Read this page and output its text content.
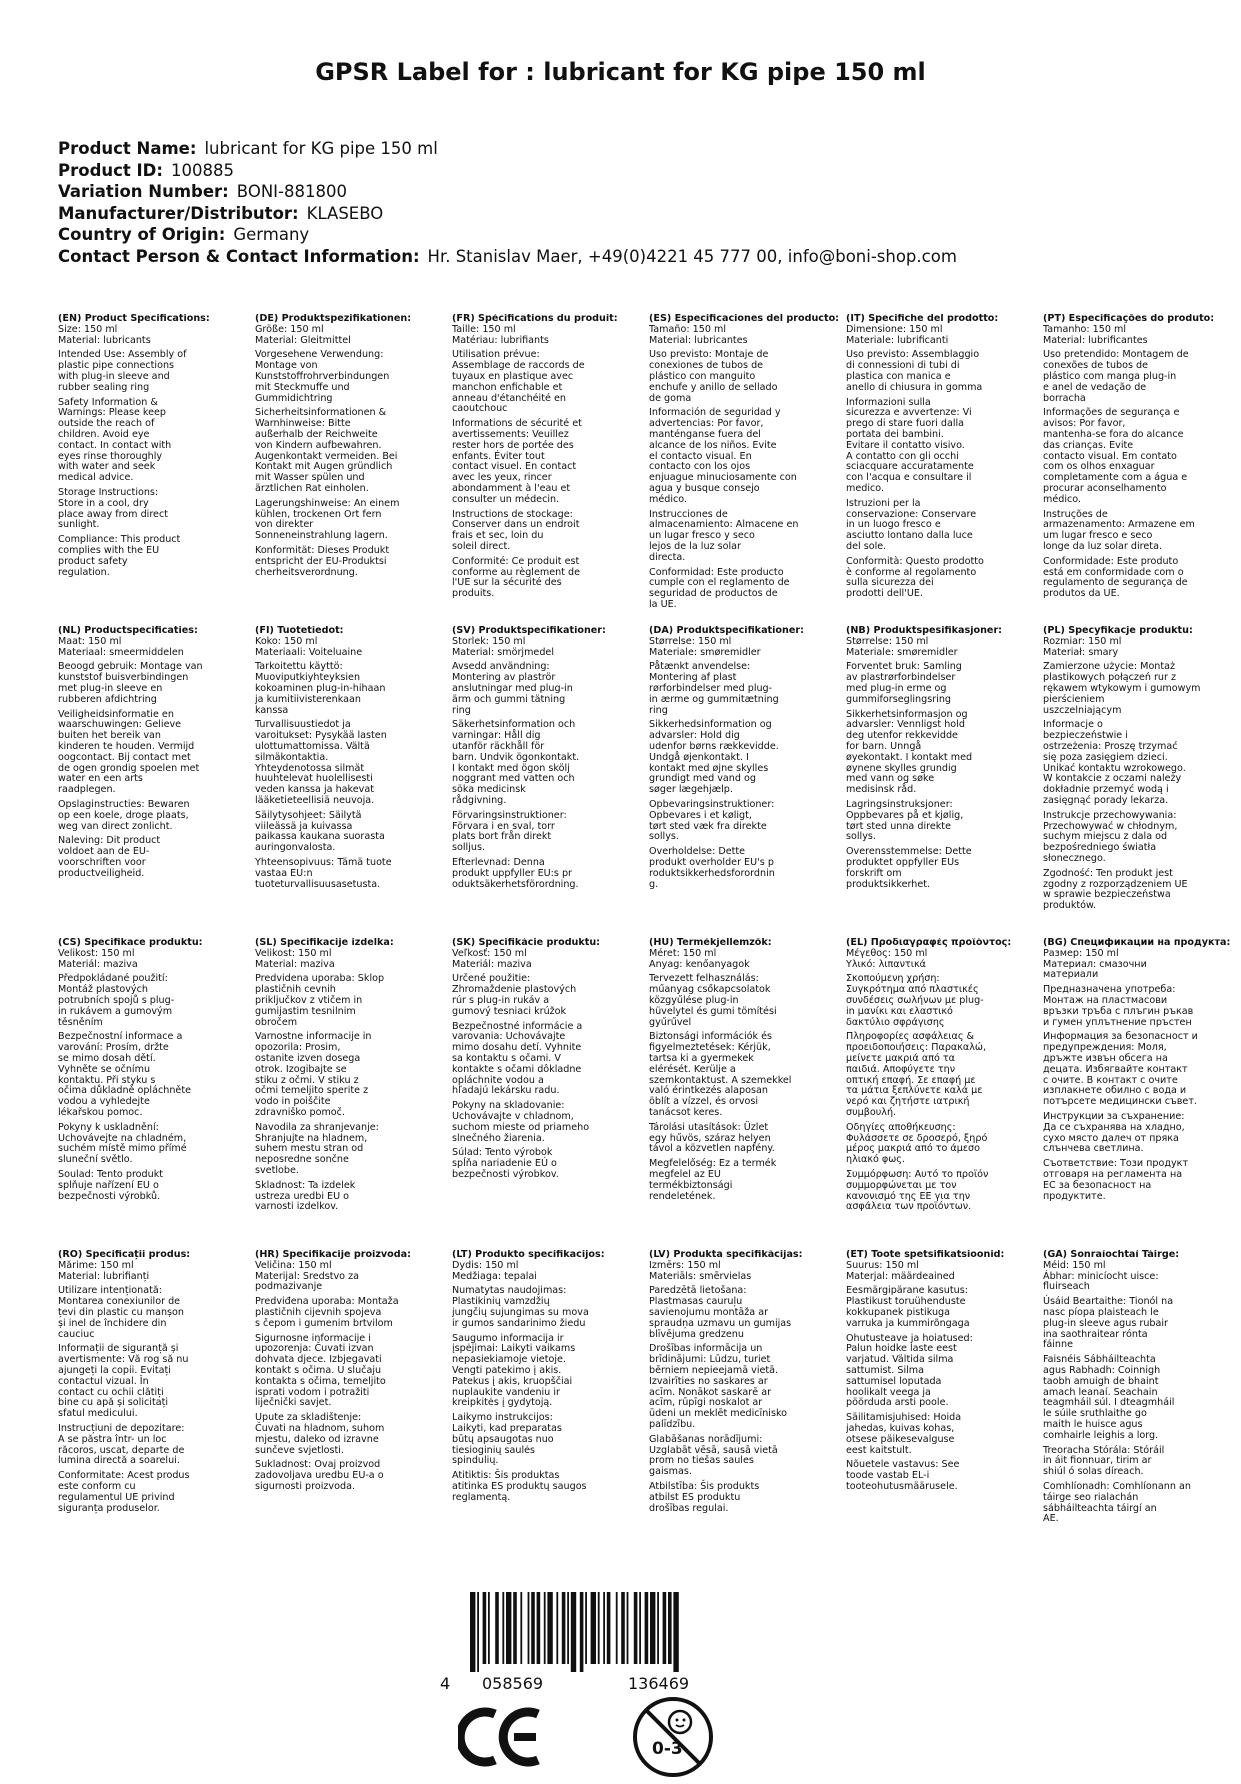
GPSR Label for : lubricant for KG pipe 150 ml
Product Name: lubricant for KG pipe 150 ml
Product ID: 100885
Variation Number: BONI-881800
Manufacturer/Distributor: KLASEBO
Country of Origin: Germany
Contact Person & Contact Information: Hr. Stanislav Maer, +49(0)4221 45 777 00, info@boni-shop.com
(EN) Product Specifications:
Size: 150 ml
Material: lubricants
Intended Use: Assembly of
plastic pipe connections
with plug-in sleeve and
rubber sealing ring
Safety Information &
Warnings: Please keep
outside the reach of
children. Avoid eye
contact. In contact with
eyes rinse thoroughly
with water and seek
medical advice.
Storage Instructions:
Store in a cool, dry
place away from direct
sunlight.
Compliance: This product
complies with the EU
product safety
regulation.
(DE) Produktspezifikationen:
Größe: 150 ml
Material: Gleitmittel
Vorgesehene Verwendung:
Montage von
Kunststoffrohrverbindungen
mit Steckmuffe und
Gummidichtring
Sicherheitsinformationen &
Warnhinweise: Bitte
außerhalb der Reichweite
von Kindern aufbewahren.
Augenkontakt vermeiden. Bei
Kontakt mit Augen gründlich
mit Wasser spülen und
ärztlichen Rat einholen.
Lagerungshinweise: An einem
kühlen, trockenen Ort fern
von direkter
Sonneneinstrahlung lagern.
Konformität: Dieses Produkt
entspricht der EU-Produktsi
cherheitsverordnung.
(FR) Spécifications du produit:
Taille: 150 ml
Matériau: lubrifiants
Utilisation prévue:
Assemblage de raccords de
tuyaux en plastique avec
manchon enfichable et
anneau d'étanchéité en
caoutchouc
Informations de sécurité et
avertissements: Veuillez
rester hors de portée des
enfants. Éviter tout
contact visuel. En contact
avec les yeux, rincer
abondamment à l'eau et
consulter un médecin.
Instructions de stockage:
Conserver dans un endroit
frais et sec, loin du
soleil direct.
Conformité: Ce produit est
conforme au règlement de
l'UE sur la sécurité des
produits.
(ES) Especificaciones del producto:
Tamaño: 150 ml
Material: lubricantes
Uso previsto: Montaje de
conexiones de tubos de
plástico con manguito
enchufe y anillo de sellado
de goma
Información de seguridad y
advertencias: Por favor,
manténganse fuera del
alcance de los niños. Evite
el contacto visual. En
contacto con los ojos
enjuague minuciosamente con
agua y busque consejo
médico.
Instrucciones de
almacenamiento: Almacene en
un lugar fresco y seco
lejos de la luz solar
directa.
Conformidad: Este producto
cumple con el reglamento de
seguridad de productos de
la UE.
(IT) Specifiche del prodotto:
Dimensione: 150 ml
Materiale: lubrificanti
Uso previsto: Assemblaggio
di connessioni di tubi di
plastica con manica e
anello di chiusura in gomma
Informazioni sulla
sicurezza e avvertenze: Vi
prego di stare fuori dalla
portata dei bambini.
Evitare il contatto visivo.
A contatto con gli occhi
sciacquare accuratamente
con l'acqua e consultare il
medico.
Istruzioni per la
conservazione: Conservare
in un luogo fresco e
asciutto lontano dalla luce
del sole.
Conformità: Questo prodotto
è conforme al regolamento
sulla sicurezza dei
prodotti dell'UE.
(PT) Especificações do produto:
Tamanho: 150 ml
Material: lubrificantes
Uso pretendido: Montagem de
conexões de tubos de
plástico com manga plug-in
e anel de vedação de
borracha
Informações de segurança e
avisos: Por favor,
mantenha-se fora do alcance
das crianças. Evite
contacto visual. Em contato
com os olhos enxaguar
completamente com a água e
procurar aconselhamento
médico.
Instruções de
armazenamento: Armazene em
um lugar fresco e seco
longe da luz solar direta.
Conformidade: Este produto
está em conformidade com o
regulamento de segurança de
produtos da UE.
(NL) Productspecificaties:
Maat: 150 ml
Materiaal: smeermiddelen
Beoogd gebruik: Montage van
kunststof buisverbindingen
met plug-in sleeve en
rubberen afdichtring
Veiligheidsinformatie en
waarschuwingen: Gelieve
buiten het bereik van
kinderen te houden. Vermijd
oogcontact. Bij contact met
de ogen grondig spoelen met
water en een arts
raadplegen.
Opslaginstructies: Bewaren
op een koele, droge plaats,
weg van direct zonlicht.
Naleving: Dit product
voldoet aan de EU-
voorschriften voor
productveiligheid.
(FI) Tuotetiedot:
Koko: 150 ml
Materiaali: Voiteluaine
Tarkoitettu käyttö:
Muoviputkiyhteyksien
kokoaminen plug-in-hihaan
ja kumitiivisterenkaan
kanssa
Turvallisuustiedot ja
varoitukset: Pysykää lasten
ulottumattomissa. Vältä
silmäkontaktia.
Yhteydenotossa silmät
huuhtelevat huolellisesti
veden kanssa ja hakevat
lääketieteellisiä neuvoja.
Säilytysohjeet: Säilytä
viileässä ja kuivassa
paikassa kaukana suorasta
auringonvalosta.
Yhteensopivuus: Tämä tuote
vastaa EU:n
tuoteturvallisuusasetusta.
(SV) Produktspecifikationer:
Storlek: 150 ml
Material: smörjmedel
Avsedd användning:
Montering av plaströr
anslutningar med plug-in
ärm och gummi tätning
ring
Säkerhetsinformation och
varningar: Håll dig
utanför räckhåll för
barn. Undvik ögonkontakt.
I kontakt med ögon skölj
noggrant med vatten och
söka medicinsk
rådgivning.
Förvaringsinstruktioner:
Förvara i en sval, torr
plats bort från direkt
solljus.
Efterlevnad: Denna
produkt uppfyller EU:s pr
oduktsäkerhetsförordning.
(DA) Produktspecifikationer:
Størrelse: 150 ml
Materiale: smøremidler
Påtænkt anvendelse:
Montering af plast
rørforbindelser med plug-
in ærme og gummitætning
ring
Sikkerhedsinformation og
advarsler: Hold dig
udenfor børns rækkevidde.
Undgå øjenkontakt. I
kontakt med øjne skylles
grundigt med vand og
søger lægehjælp.
Opbevaringsinstruktioner:
Opbevares i et køligt,
tørt sted væk fra direkte
sollys.
Overholdelse: Dette
produkt overholder EU's p
roduktsikkerhedsforordnin
g.
(NB) Produktspesifikasjoner:
Størrelse: 150 ml
Materiale: smøremidler
Forventet bruk: Samling
av plastrørforbindelser
med plug-in erme og
gummiforseglingsring
Sikkerhetsinformasjon og
advarsler: Vennligst hold
deg utenfor rekkevidde
for barn. Unngå
øyekontakt. I kontakt med
øynene skylles grundig
med vann og søke
medisinsk råd.
Lagringsinstruksjoner:
Oppbevares på et kjølig,
tørt sted unna direkte
sollys.
Overensstemmelse: Dette
produktet oppfyller EUs
forskrift om
produktsikkerhet.
(PL) Specyfikacje produktu:
Rozmiar: 150 ml
Materiał: smary
Zamierzone użycie: Montaż
plastikowych połączeń rur z
rękawem wtykowym i gumowym
pierścieniem
uszczelniającym
Informacje o
bezpieczeństwie i
ostrzeżenia: Proszę trzymać
się poza zasięgiem dzieci.
Unikać kontaktu wzrokowego.
W kontakcie z oczami należy
dokładnie przemyć wodą i
zasięgnąć porady lekarza.
Instrukcje przechowywania:
Przechowywać w chłodnym,
suchym miejscu z dala od
bezpośredniego światła
słonecznego.
Zgodność: Ten produkt jest
zgodny z rozporządzeniem UE
w sprawie bezpieczeństwa
produktów.
(CS) Specifikace produktu:
Velikost: 150 ml
Materiál: maziva
Předpokládané použití:
Montáž plastových
potrubních spojů s plug-
in rukávem a gumovým
těsněním
Bezpečnostní informace a
varování: Prosím, držte
se mimo dosah dětí.
Vyhněte se očnímu
kontaktu. Při styku s
očima důkladně opláchněte
vodou a vyhledejte
lékařskou pomoc.
Pokyny k uskladnění:
Uchovávejte na chladném,
suchém místě mimo přímé
sluneční světlo.
Soulad: Tento produkt
splňuje nařízení EU o
bezpečnosti výrobků.
(SL) Specifikacije izdelka:
Velikost: 150 ml
Material: maziva
Predvidena uporaba: Sklop
plastičnih cevnih
priključkov z vtičem in
gumijastim tesnilnim
obročem
Varnostne informacije in
opozorila: Prosim,
ostanite izven dosega
otrok. Izogibajte se
stiku z očmi. V stiku z
očmi temeljito sperite z
vodo in poiščite
zdravniško pomoč.
Navodila za shranjevanje:
Shranjujte na hladnem,
suhem mestu stran od
neposredne sončne
svetlobe.
Skladnost: Ta izdelek
ustreza uredbi EU o
varnosti izdelkov.
(SK) Špecifikácie produktu:
Veľkosť: 150 ml
Materiál: maziva
Určené použitie:
Zhromaždenie plastových
rúr s plug-in rukáv a
gumový tesniaci krúžok
Bezpečnostné informácie a
varovania: Uchovávajte
mimo dosahu detí. Vyhnite
sa kontaktu s očami. V
kontakte s očami dôkladne
opláchnite vodou a
hľadajú lekársku radu.
Pokyny na skladovanie:
Uchovávajte v chladnom,
suchom mieste od priameho
slnečného žiarenia.
Súlad: Tento výrobok
spĺňa nariadenie EÚ o
bezpečnosti výrobkov.
(HU) Termékjellemzők:
Méret: 150 ml
Anyag: kenőanyagok
Tervezett felhasználás:
műanyag csőkapcsolatok
közgyűlése plug-in
hüvelytel és gumi tömítési
gyűrűvel
Biztonsági információk és
figyelmeztetések: Kérjük,
tartsa ki a gyermekek
elérését. Kerülje a
szemkontaktust. A szemekkel
való érintkezés alaposan
öblít a vízzel, és orvosi
tanácsot keres.
Tárolási utasítások: Üzlet
egy hűvös, száraz helyen
távol a közvetlen napfény.
Megfelelőség: Ez a termék
megfelel az EU
termékbiztonsági
rendeletének.
(EL) Προδιαγραφές προϊόντος:
Μέγεθος: 150 ml
Υλικό: λιπαντικά
Σκοπούμενη χρήση:
Συγκρότημα από πλαστικές
συνδέσεις σωλήνων με plug-
in μανίκι και ελαστικό
δακτύλιο σφράγισης
Πληροφορίες ασφάλειας &
προειδοποιήσεις: Παρακαλώ,
μείνετε μακριά από τα
παιδιά. Αποφύγετε την
οπτική επαφή. Σε επαφή με
τα μάτια ξεπλύνετε καλά με
νερό και ζητήστε ιατρική
συμβουλή.
Οδηγίες αποθήκευσης:
Φυλάσσετε σε δροσερό, ξηρό
μέρος μακριά από το άμεσο
ηλιακό φως.
Συμμόρφωση: Αυτό το προϊόν
συμμορφώνεται με τον
κανονισμό της ΕΕ για την
ασφάλεια των προϊόντων.
(BG) Спецификации на продукта:
Размер: 150 ml
Материал: смазочни
материали
Предназначена употреба:
Монтаж на пластмасови
връзки тръба с плъгин ръкав
и гумен уплътнение пръстен
Информация за безопасност и
предупреждения: Моля,
дръжте извън обсега на
децата. Избягвайте контакт
с очите. В контакт с очите
изплакнете обилно с вода и
потърсете медицински съвет.
Инструкции за съхранение:
Да се съхранява на хладно,
сухо място далеч от пряка
слънчева светлина.
Съответствие: Този продукт
отговаря на регламента на
ЕС за безопасност на
продуктите.
(RO) Specificații produs:
Mărime: 150 ml
Material: lubrifianți
Utilizare intenționată:
Montarea conexiunilor de
țevi din plastic cu manșon
și inel de închidere din
cauciuc
Informații de siguranță și
avertismente: Vă rog să nu
ajungeți la copii. Evitați
contactul vizual. În
contact cu ochii clătiți
bine cu apă și solicitați
sfatul medicului.
Instrucțiuni de depozitare:
A se păstra într- un loc
răcoros, uscat, departe de
lumina directă a soarelui.
Conformitate: Acest produs
este conform cu
regulamentul UE privind
siguranța produselor.
(HR) Specifikacije proizvoda:
Veličina: 150 ml
Materijal: Sredstvo za
podmazivanje
Predviđena uporaba: Montaža
plastičnih cijevnih spojeva
s čepom i gumenim brtvilom
Sigurnosne informacije i
upozorenja: Čuvati izvan
dohvata djece. Izbjegavati
kontakt s očima. U slučaju
kontakta s očima, temeljito
isprati vodom i potražiti
liječnički savjet.
Upute za skladištenje:
Čuvati na hladnom, suhom
mjestu, daleko od izravne
sunčeve svjetlosti.
Sukladnost: Ovaj proizvod
zadovoljava uredbu EU-a o
sigurnosti proizvoda.
(LT) Produkto specifikacijos:
Dydis: 150 ml
Medžiaga: tepalai
Numatytas naudojimas:
Plastikinių vamzdžių
jungčių sujungimas su mova
ir gumos sandarinimo žiedu
Saugumo informacija ir
įspėjimai: Laikyti vaikams
nepasiekiamoje vietoje.
Vengti patekimo į akis.
Patekus į akis, kruopščiai
nuplaukite vandeniu ir
kreipkitės į gydytoją.
Laikymo instrukcijos:
Laikyti, kad preparatas
būtų apsaugotas nuo
tiesioginių saulės
spindulių.
Atitiktis: Šis produktas
atitinka ES produktų saugos
reglamentą.
(LV) Produkta specifikācijas:
Izmērs: 150 ml
Materiāls: smērvielas
Paredzētā lietošana:
Plastmasas cauruļu
savienojumu montāža ar
spraudņa uzmavu un gumijas
blīvējuma gredzenu
Drošības informācija un
brīdinājumi: Lūdzu, turiet
bērniem nepieejamā vietā.
Izvairīties no saskares ar
acīm. Nonākot saskarē ar
acīm, rūpīgi noskalot ar
ūdeni un meklēt medicīnisko
palīdzību.
Glabāšanas norādījumi:
Uzglabāt vēsā, sausā vietā
prom no tiešas saules
gaismas.
Atbilstība: Šis produkts
atbilst ES produktu
drošības regulai.
(ET) Toote spetsifikatsioonid:
Suurus: 150 ml
Materjal: määrdeained
Eesmärgipärane kasutus:
Plastikust toruühenduste
kokkupanek pistikuga
varruka ja kummirõngaga
Ohutusteave ja hoiatused:
Palun hoidke laste eest
varjatud. Vältida silma
sattumist. Silma
sattumisel loputada
hoolikalt veega ja
pöörduda arsti poole.
Säilitamisjuhised: Hoida
jahedas, kuivas kohas,
otsese päikesevalguse
eest kaitstult.
Nõuetele vastavus: See
toode vastab EL-i
tooteohutusmäärusele.
(GA) Sonraíochtaí Táirge:
Méid: 150 ml
Ábhar: minicíocht uisce:
fluirseach
Úsáid Beartaithe: Tionól na
nasc píopa plaisteach le
plug-in sleeve agus rubair
ina saothraitear rónta
fáinne
Faisnéis Sábháilteachta
agus Rabhadh: Coinnigh
taobh amuigh de bhaint
amach leanaí. Seachain
teagmháil súl. I dteagmháil
le súile sruthlaithe go
maith le huisce agus
comhairle leighis a lorg.
Treoracha Stórála: Stóráil
in áit fionnuar, tirim ar
shiúl ó solas díreach.
Comhlíonadh: Comhlíonann an
táirge seo rialachán
sábháilteachta táirgí an
AE.
4 058569	136469
0-3
